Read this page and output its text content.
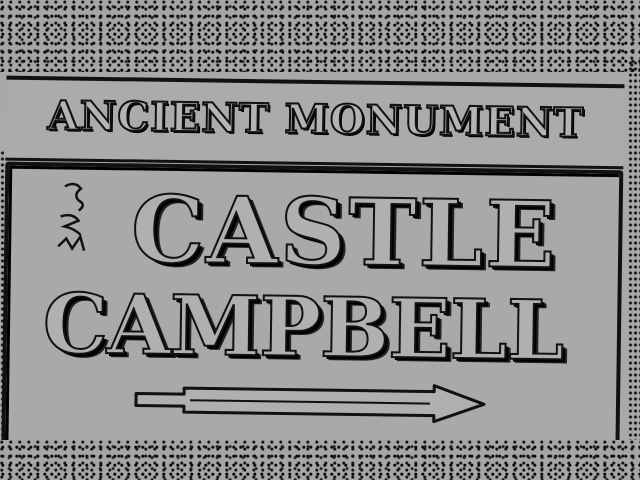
ANCIENT MONUMENT
CASTLE
CAMPBELL
